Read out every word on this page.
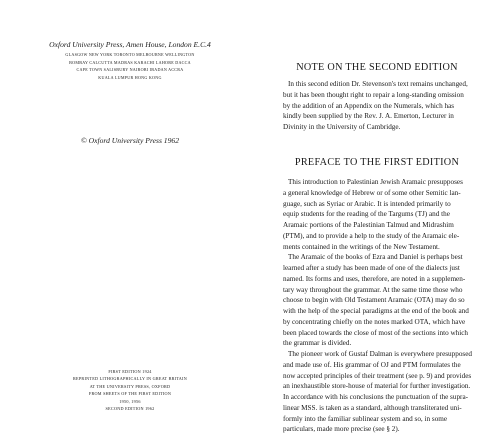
Oxford University Press, Amen House, London E.C.4
GLASGOW NEW YORK TORONTO MELBOURNE WELLINGTON
BOMBAY CALCUTTA MADRAS KARACHI LAHORE DACCA
CAPE TOWN SALISBURY NAIROBI IBADAN ACCRA
KUALA LUMPUR HONG KONG
© Oxford University Press 1962
FIRST EDITION 1924
REPRINTED LITHOGRAPHICALLY IN GREAT BRITAIN
AT THE UNIVERSITY PRESS, OXFORD
FROM SHEETS OF THE FIRST EDITION
1950, 1956
SECOND EDITION 1962
NOTE ON THE SECOND EDITION
In this second edition Dr. Stevenson's text remains unchanged,
but it has been thought right to repair a long-standing omission
by the addition of an Appendix on the Numerals, which has
kindly been supplied by the Rev. J. A. Emerton, Lecturer in
Divinity in the University of Cambridge.
PREFACE TO THE FIRST EDITION
This introduction to Palestinian Jewish Aramaic presupposes
a general knowledge of Hebrew or of some other Semitic lan-
guage, such as Syriac or Arabic. It is intended primarily to
equip students for the reading of the Targums (TJ) and the
Aramaic portions of the Palestinian Talmud and Midrashim
(PTM), and to provide a help to the study of the Aramaic ele-
ments contained in the writings of the New Testament.
The Aramaic of the books of Ezra and Daniel is perhaps best
learned after a study has been made of one of the dialects just
named. Its forms and uses, therefore, are noted in a supplemen-
tary way throughout the grammar. At the same time those who
choose to begin with Old Testament Aramaic (OTA) may do so
with the help of the special paradigms at the end of the book and
by concentrating chiefly on the notes marked OTA, which have
been placed towards the close of most of the sections into which
the grammar is divided.
The pioneer work of Gustaf Dalman is everywhere presupposed
and made use of. His grammar of OJ and PTM formulates the
now accepted principles of their treatment (see p. 9) and provides
an inexhaustible store-house of material for further investigation.
In accordance with his conclusions the punctuation of the supra-
linear MSS. is taken as a standard, although transliterated uni-
formly into the familiar sublinear system and so, in some
particulars, made more precise (see § 2).
